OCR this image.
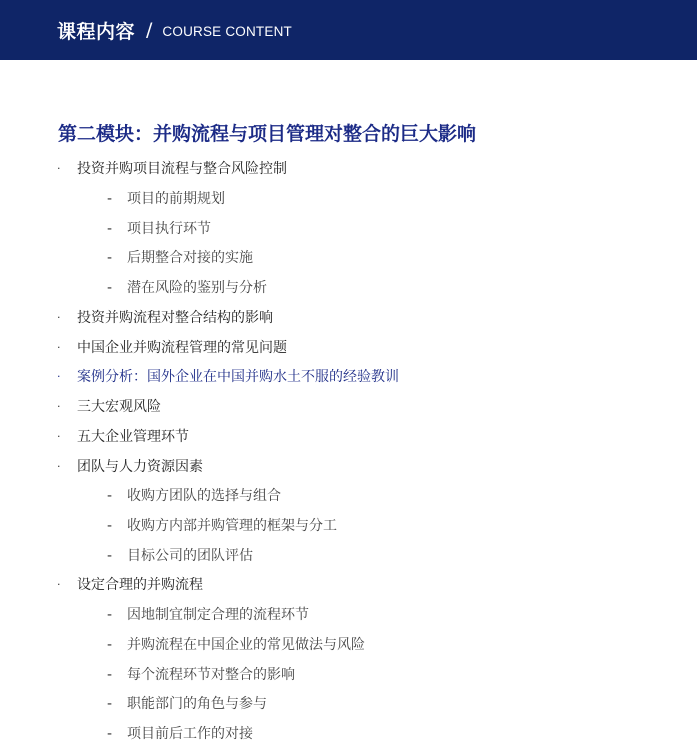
课程内容 / COURSE CONTENT
第二模块：并购流程与项目管理对整合的巨大影响
· 投资并购项目流程与整合风险控制
- 项目的前期规划
- 项目执行环节
- 后期整合对接的实施
- 潜在风险的鉴别与分析
· 投资并购流程对整合结构的影响
· 中国企业并购流程管理的常见问题
· 案例分析：国外企业在中国并购水土不服的经验教训
· 三大宏观风险
· 五大企业管理环节
· 团队与人力资源因素
- 收购方团队的选择与组合
- 收购方内部并购管理的框架与分工
- 目标公司的团队评估
· 设定合理的并购流程
- 因地制宜制定合理的流程环节
- 并购流程在中国企业的常见做法与风险
- 每个流程环节对整合的影响
- 职能部门的角色与参与
- 项目前后工作的对接
